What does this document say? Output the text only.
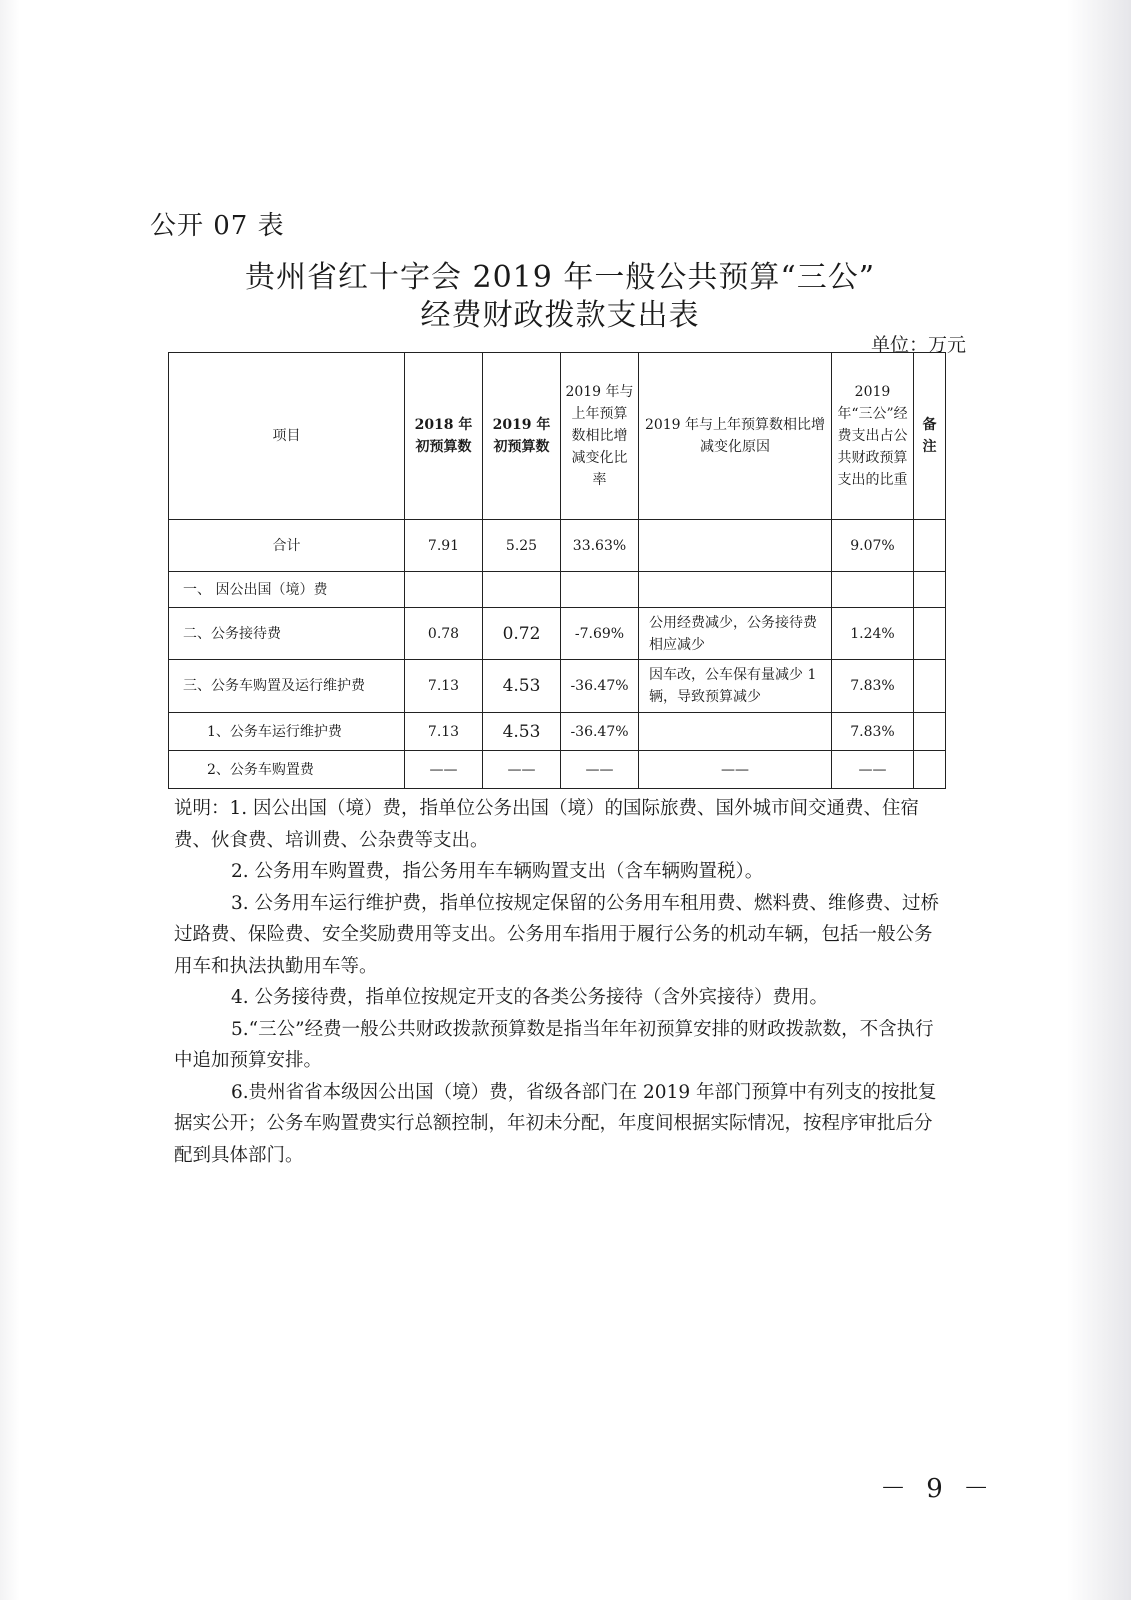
公开 07 表
贵州省红十字会 2019 年一般公共预算“三公”
经费财政拨款支出表
单位：万元
项目	2018 年初预算数	2019 年初预算数	2019 年与上年预算数相比增减变化比率	2019 年与上年预算数相比增减变化原因	2019 年“三公”经费支出占公共财政预算支出的比重	备注
合计	7.91	5.25	33.63%		9.07%	
一、 因公出国（境）费						
二、公务接待费	0.78	0.72	-7.69%	公用经费减少，公务接待费相应减少	1.24%	
三、公务车购置及运行维护费	7.13	4.53	-36.47%	因车改，公车保有量减少 1 辆，导致预算减少	7.83%	
1、公务车运行维护费	7.13	4.53	-36.47%		7.83%	
2、公务车购置费	——	——	——	——	——	

说明：1. 因公出国（境）费，指单位公务出国（境）的国际旅费、国外城市间交通费、住宿费、伙食费、培训费、公杂费等支出。

2. 公务用车购置费，指公务用车车辆购置支出（含车辆购置税）。

3. 公务用车运行维护费，指单位按规定保留的公务用车租用费、燃料费、维修费、过桥过路费、保险费、安全奖励费用等支出。公务用车指用于履行公务的机动车辆，包括一般公务用车和执法执勤用车等。

4. 公务接待费，指单位按规定开支的各类公务接待（含外宾接待）费用。

5.“三公”经费一般公共财政拨款预算数是指当年年初预算安排的财政拨款数，不含执行中追加预算安排。

6.贵州省省本级因公出国（境）费，省级各部门在 2019 年部门预算中有列支的按批复据实公开；公务车购置费实行总额控制，年初未分配，年度间根据实际情况，按程序审批后分配到具体部门。

－ 9 －
